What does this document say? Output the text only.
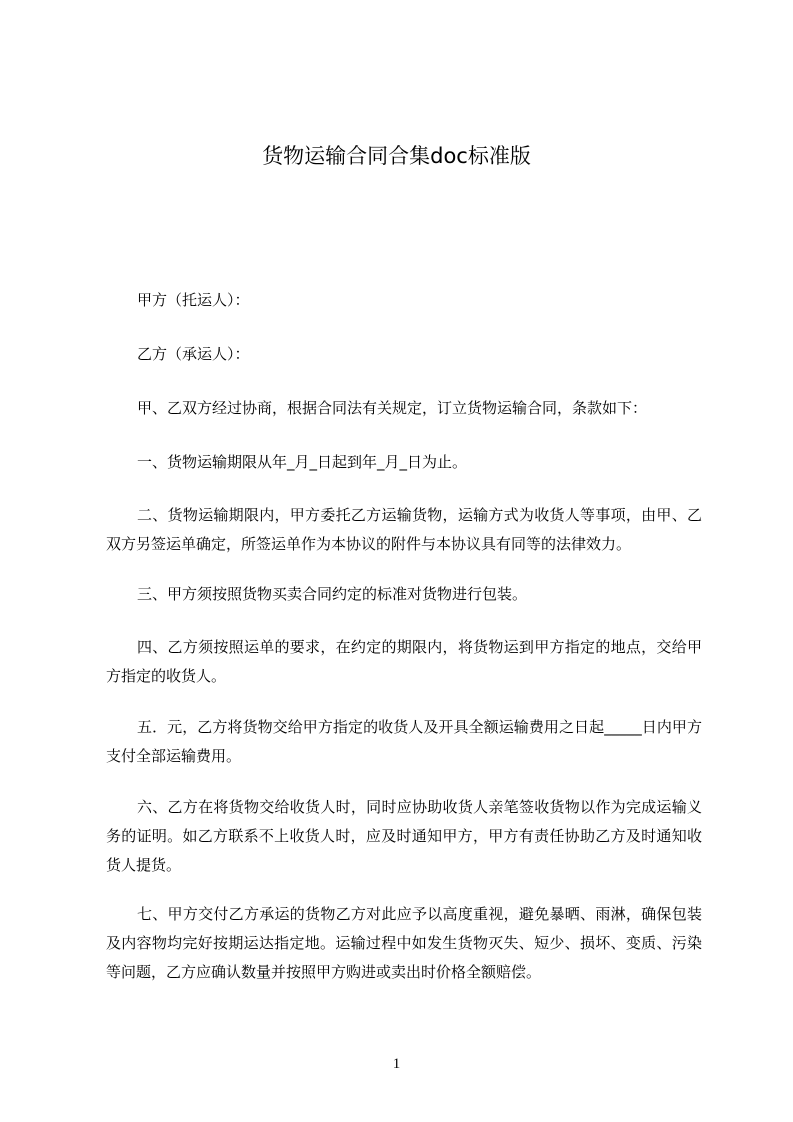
货物运输合同合集doc标准版
甲方（托运人）：
乙方（承运人）：
甲、乙双方经过协商，根据合同法有关规定，订立货物运输合同，条款如下：
一、货物运输期限从年_月_日起到年_月_日为止。
二、货物运输期限内，甲方委托乙方运输货物，运输方式为收货人等事项，由甲、乙双方另签运单确定，所签运单作为本协议的附件与本协议具有同等的法律效力。
三、甲方须按照货物买卖合同约定的标准对货物进行包装。
四、乙方须按照运单的要求，在约定的期限内，将货物运到甲方指定的地点，交给甲方指定的收货人。
五．元，乙方将货物交给甲方指定的收货人及开具全额运输费用之日起_____日内甲方支付全部运输费用。
六、乙方在将货物交给收货人时，同时应协助收货人亲笔签收货物以作为完成运输义务的证明。如乙方联系不上收货人时，应及时通知甲方，甲方有责任协助乙方及时通知收货人提货。
七、甲方交付乙方承运的货物乙方对此应予以高度重视，避免暴晒、雨淋，确保包装及内容物均完好按期运达指定地。运输过程中如发生货物灭失、短少、损坏、变质、污染等问题，乙方应确认数量并按照甲方购进或卖出时价格全额赔偿。
1
